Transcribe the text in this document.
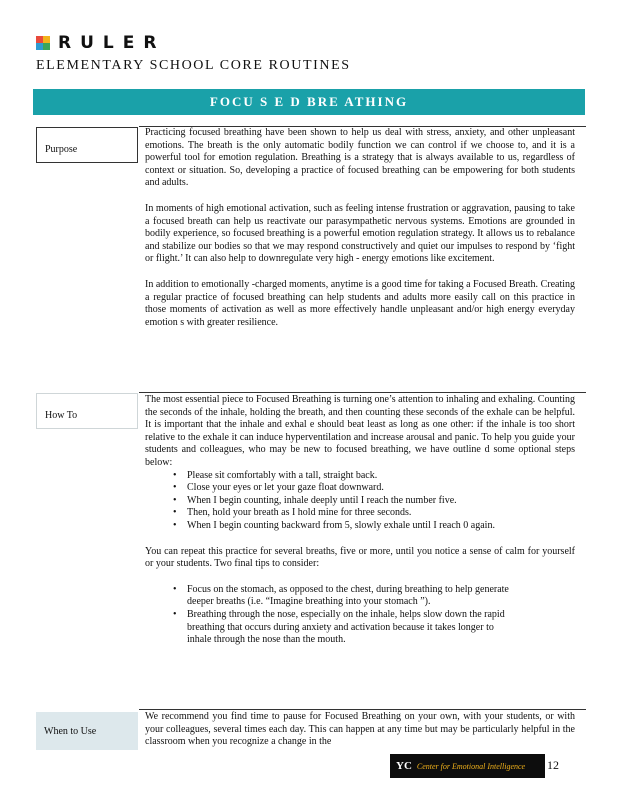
RULER
ELEMENTARY SCHOOL CORE ROUTINES
FOCU S E D BRE ATHING
Purpose

Practicing focused breathing have been shown to help us deal with stress, anxiety, and other unpleasant emotions. The breath is the only automatic bodily function we can control if we choose to, and it is a powerful tool for emotion regulation. Breathing is a strategy that is always available to us, regardless of context or situation. So, developing a practice of focused breathing can be empowering for both students and adults.

In moments of high emotional activation, such as feeling intense frustration or aggravation, pausing to take a focused breath can help us reactivate our parasympathetic nervous systems. Emotions are grounded in bodily experience, so focused breathing is a powerful emotion regulation strategy. It allows us to rebalance and stabilize our bodies so that we may respond constructively and quiet our impulses to respond by ‘fight or flight.’ It can also help to downregulate very high - energy emotions like excitement.

In addition to emotionally -charged moments, anytime is a good time for taking a Focused Breath. Creating a regular practice of focused breathing can help students and adults more easily call on this practice in those moments of activation as well as more effectively handle unpleasant and/or high energy everyday emotion s with greater resilience.

How To

The most essential piece to Focused Breathing is turning one’s attention to inhaling and exhaling. Counting the seconds of the inhale, holding the breath, and then counting these seconds of the exhale can be helpful. It is important that the inhale and exhal e should beat least as long as one other: if the inhale is too short relative to the exhale it can induce hyperventilation and increase arousal and panic. To help you guide your students and colleagues, who may be new to focused breathing, we have outline d some optional steps below:

• Please sit comfortably with a tall, straight back.
• Close your eyes or let your gaze float downward.
• When I begin counting, inhale deeply until I reach the number five.
• Then, hold your breath as I hold mine for three seconds.
• When I begin counting backward from 5, slowly exhale until I reach 0 again.

You can repeat this practice for several breaths, five or more, until you notice a sense of calm for yourself or your students. Two final tips to consider:

• Focus on the stomach, as opposed to the chest, during breathing to help generate deeper breaths (i.e. “Imagine breathing into your stomach ”).
• Breathing through the nose, especially on the inhale, helps slow down the rapid breathing that occurs during anxiety and activation because it takes longer to inhale through the nose than the mouth.
When to Use

We recommend you find time to pause for Focused Breathing on your own, with your students, or with your colleagues, several times each day. This can happen at any time but may be particularly helpful in the classroom when you recognize a change in the

YC Center for Emotional Intelligence 12
